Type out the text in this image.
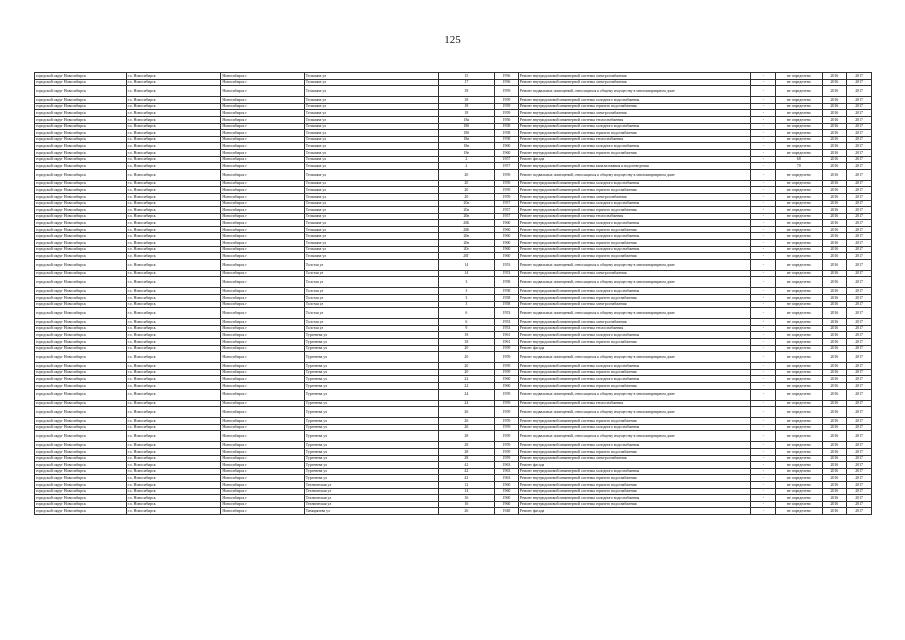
125
городской округ Новосибирск	г.о. Новосибирск	Новосибирск г	Тельмана ул	15	1956	Ремонт внутридомовой инженерной системы электроснабжения	-	не определено	2016	2017
городской округ Новосибирск	г.о. Новосибирск	Новосибирск г	Тельмана ул	17	1956	Ремонт внутридомовой инженерной системы электроснабжения	-	не определено	2016	2017
городской округ Новосибирск	г.о. Новосибирск	Новосибирск г	Тельмана ул	18	1959	Ремонт подвальных помещений, относящихся к общему имуществу в многоквартирном доме	-	не определено	2016	2017
городской округ Новосибирск	г.о. Новосибирск	Новосибирск г	Тельмана ул	18	1959	Ремонт внутридомовой инженерной системы холодного водоснабжения	-	не определено	2016	2017
городской округ Новосибирск	г.о. Новосибирск	Новосибирск г	Тельмана ул	18	1959	Ремонт внутридомовой инженерной системы горячего водоснабжения	-	не определено	2016	2017
городской округ Новосибирск	г.о. Новосибирск	Новосибирск г	Тельмана ул	18	1959	Ремонт внутридомовой инженерной системы электроснабжения	-	не определено	2016	2017
городской округ Новосибирск	г.о. Новосибирск	Новосибирск г	Тельмана ул	18а	1956	Ремонт внутридомовой инженерной системы теплоснабжения	-	не определено	2016	2017
городской округ Новосибирск	г.о. Новосибирск	Новосибирск г	Тельмана ул	18б	1958	Ремонт внутридомовой инженерной системы холодного водоснабжения	-	не определено	2016	2017
городской округ Новосибирск	г.о. Новосибирск	Новосибирск г	Тельмана ул	18б	1958	Ремонт внутридомовой инженерной системы горячего водоснабжения	-	не определено	2016	2017
городской округ Новосибирск	г.о. Новосибирск	Новосибирск г	Тельмана ул	18в	1958	Ремонт внутридомовой инженерной системы теплоснабжения	-	не определено	2016	2017
городской округ Новосибирск	г.о. Новосибирск	Новосибирск г	Тельмана ул	18в	1960	Ремонт внутридомовой инженерной системы холодного водоснабжения	-	не определено	2016	2017
городской округ Новосибирск	г.о. Новосибирск	Новосибирск г	Тельмана ул	18е	1960	Ремонт внутридомовой инженерной системы горячего водоснабжения	-	не определено	2016	2017
городской округ Новосибирск	г.о. Новосибирск	Новосибирск г	Тельмана ул	2	1957	Ремонт фасада	-	60	2016	2017
городской округ Новосибирск	г.о. Новосибирск	Новосибирск г	Тельмана ул	2	1957	Ремонт внутридомовой инженерной системы канализования и водоотведения	-	70	2016	2017
городской округ Новосибирск	г.о. Новосибирск	Новосибирск г	Тельмана ул	20	1959	Ремонт подвальных помещений, относящихся к общему имуществу в многоквартирном доме	-	не определено	2016	2017
городской округ Новосибирск	г.о. Новосибирск	Новосибирск г	Тельмана ул	20	1959	Ремонт внутридомовой инженерной системы холодного водоснабжения	-	не определено	2016	2017
городской округ Новосибирск	г.о. Новосибирск	Новосибирск г	Тельмана ул	20	1959	Ремонт внутридомовой инженерной системы горячего водоснабжения	-	не определено	2016	2017
городской округ Новосибирск	г.о. Новосибирск	Новосибирск г	Тельмана ул	20	1959	Ремонт внутридомовой инженерной системы электроснабжения	-	не определено	2016	2017
городской округ Новосибирск	г.о. Новосибирск	Новосибирск г	Тельмана ул	20а	1957	Ремонт внутридомовой инженерной системы холодного водоснабжения	-	не определено	2016	2017
городской округ Новосибирск	г.о. Новосибирск	Новосибирск г	Тельмана ул	20а	1957	Ремонт внутридомовой инженерной системы горячего водоснабжения	-	не определено	2016	2017
городской округ Новосибирск	г.о. Новосибирск	Новосибирск г	Тельмана ул	20в	1957	Ремонт внутридомовой инженерной системы теплоснабжения	-	не определено	2016	2017
городской округ Новосибирск	г.о. Новосибирск	Новосибирск г	Тельмана ул	20Б	1960	Ремонт внутридомовой инженерной системы холодного водоснабжения	-	не определено	2016	2017
городской округ Новосибирск	г.о. Новосибирск	Новосибирск г	Тельмана ул	20Б	1960	Ремонт внутридомовой инженерной системы горячего водоснабжения	-	не определено	2016	2017
городской округ Новосибирск	г.о. Новосибирск	Новосибирск г	Тельмана ул	20в	1960	Ремонт внутридомовой инженерной системы холодного водоснабжения	-	не определено	2016	2017
городской округ Новосибирск	г.о. Новосибирск	Новосибирск г	Тельмана ул	20в	1960	Ремонт внутридомовой инженерной системы горячего водоснабжения	-	не определено	2016	2017
городской округ Новосибирск	г.о. Новосибирск	Новосибирск г	Тельмана ул	20г	1960	Ремонт внутридомовой инженерной системы холодного водоснабжения	-	не определено	2016	2017
городской округ Новосибирск	г.о. Новосибирск	Новосибирск г	Тельмана ул	20Г	1960	Ремонт внутридомовой инженерной системы горячего водоснабжения	-	не определено	2016	2017
городской округ Новосибирск	г.о. Новосибирск	Новосибирск г	Толстая ул	14	1953	Ремонт подвальных помещений, относящихся к общему имуществу в многоквартирном доме	-	не определено	2016	2017
городской округ Новосибирск	г.о. Новосибирск	Новосибирск г	Толстая ул	14	1953	Ремонт внутридомовой инженерной системы электроснабжения	-	не определено	2016	2017
городской округ Новосибирск	г.о. Новосибирск	Новосибирск г	Толстая ул	3	1958	Ремонт подвальных помещений, относящихся к общему имуществу в многоквартирном доме	-	не определено	2016	2017
городской округ Новосибирск	г.о. Новосибирск	Новосибирск г	Толстая ул	3	1958	Ремонт внутридомовой инженерной системы холодного водоснабжения	-	не определено	2016	2017
городской округ Новосибирск	г.о. Новосибирск	Новосибирск г	Толстая ул	3	1958	Ремонт внутридомовой инженерной системы горячего водоснабжения	-	не определено	2016	2017
городской округ Новосибирск	г.о. Новосибирск	Новосибирск г	Толстая ул	3	1958	Ремонт внутридомовой инженерной системы электроснабжения	-	не определено	2016	2017
городской округ Новосибирск	г.о. Новосибирск	Новосибирск г	Толстая ул	6	1953	Ремонт подвальных помещений, относящихся к общему имуществу в многоквартирном доме	-	не определено	2016	2017
городской округ Новосибирск	г.о. Новосибирск	Новосибирск г	Толстая ул	6	1953	Ремонт внутридомовой инженерной системы электроснабжения	-	не определено	2016	2017
городской округ Новосибирск	г.о. Новосибирск	Новосибирск г	Толстая ул	9	1953	Ремонт внутридомовой инженерной системы теплоснабжения	-	не определено	2016	2017
городской округ Новосибирск	г.о. Новосибирск	Новосибирск г	Тургенева ул	18	1961	Ремонт внутридомовой инженерной системы холодного водоснабжения	-	не определено	2016	2017
городской округ Новосибирск	г.о. Новосибирск	Новосибирск г	Тургенева ул	18	1961	Ремонт внутридомовой инженерной системы горячего водоснабжения	-	не определено	2016	2017
городской округ Новосибирск	г.о. Новосибирск	Новосибирск г	Тургенева ул	20	1959	Ремонт фасада	-	не определено	2016	2017
городской округ Новосибирск	г.о. Новосибирск	Новосибирск г	Тургенева ул	20	1959	Ремонт подвальных помещений, относящихся к общему имуществу в многоквартирном доме	-	не определено	2016	2017
городской округ Новосибирск	г.о. Новосибирск	Новосибирск г	Тургенева ул	20	1959	Ремонт внутридомовой инженерной системы холодного водоснабжения	-	не определено	2016	2017
городской округ Новосибирск	г.о. Новосибирск	Новосибирск г	Тургенева ул	20	1959	Ремонт внутридомовой инженерной системы горячего водоснабжения	-	не определено	2016	2017
городской округ Новосибирск	г.о. Новосибирск	Новосибирск г	Тургенева ул	22	1960	Ремонт внутридомовой инженерной системы холодного водоснабжения	-	не определено	2016	2017
городской округ Новосибирск	г.о. Новосибирск	Новосибирск г	Тургенева ул	22	1960	Ремонт внутридомовой инженерной системы горячего водоснабжения	-	не определено	2016	2017
городской округ Новосибирск	г.о. Новосибирск	Новосибирск г	Тургенева ул	24	1959	Ремонт подвальных помещений, относящихся к общему имуществу в многоквартирном доме	-	не определено	2016	2017
городской округ Новосибирск	г.о. Новосибирск	Новосибирск г	Тургенева ул	24	1959	Ремонт внутридомовой инженерной системы теплоснабжения	-	не определено	2016	2017
городской округ Новосибирск	г.о. Новосибирск	Новосибирск г	Тургенева ул	26	1959	Ремонт подвальных помещений, относящихся к общему имуществу в многоквартирном доме	-	не определено	2016	2017
городской округ Новосибирск	г.о. Новосибирск	Новосибирск г	Тургенева ул	26	1959	Ремонт внутридомовой инженерной системы горячего водоснабжения	-	не определено	2016	2017
городской округ Новосибирск	г.о. Новосибирск	Новосибирск г	Тургенева ул	26	1959	Ремонт внутридомовой инженерной системы холодного водоснабжения	-	не определено	2016	2017
городской округ Новосибирск	г.о. Новосибирск	Новосибирск г	Тургенева ул	28	1959	Ремонт подвальных помещений, относящихся к общему имуществу в многоквартирном доме	-	не определено	2016	2017
городской округ Новосибирск	г.о. Новосибирск	Новосибирск г	Тургенева ул	28	1959	Ремонт внутридомовой инженерной системы холодного водоснабжения	-	не определено	2016	2017
городской округ Новосибирск	г.о. Новосибирск	Новосибирск г	Тургенева ул	28	1959	Ремонт внутридомовой инженерной системы горячего водоснабжения	-	не определено	2016	2017
городской округ Новосибирск	г.о. Новосибирск	Новосибирск г	Тургенева ул	28	1959	Ремонт внутридомовой инженерной системы электроснабжения	-	не определено	2016	2017
городской округ Новосибирск	г.о. Новосибирск	Новосибирск г	Тургенева ул	42	1963	Ремонт фасада	-	не определено	2016	2017
городской округ Новосибирск	г.о. Новосибирск	Новосибирск г	Тургенева ул	42	1963	Ремонт внутридомовой инженерной системы холодного водоснабжения	-	не определено	2016	2017
городской округ Новосибирск	г.о. Новосибирск	Новосибирск г	Тургенева ул	42	1963	Ремонт внутридомовой инженерной системы горячего водоснабжения	-	не определено	2016	2017
городской округ Новосибирск	г.о. Новосибирск	Новосибирск г	Техническая ул	12	1960	Ремонт внутридомовой инженерной системы горячего водоснабжения	-	не определено	2016	2017
городской округ Новосибирск	г.о. Новосибирск	Новосибирск г	Техническая ул	14	1960	Ремонт внутридомовой инженерной системы горячего водоснабжения	-	не определено	2016	2017
городской округ Новосибирск	г.о. Новосибирск	Новосибирск г	Техническая ул	16	1960	Ремонт внутридомовой инженерной системы холодного водоснабжения	-	не определено	2016	2017
городской округ Новосибирск	г.о. Новосибирск	Новосибирск г	Техническая ул	16	1960	Ремонт внутридомовой инженерной системы горячего водоснабжения	-	не определено	2016	2017
городской округ Новосибирск	г.о. Новосибирск	Новосибирск г	Тимирязева ул	26	1948	Ремонт фасада	-	не определено	2016	2017
